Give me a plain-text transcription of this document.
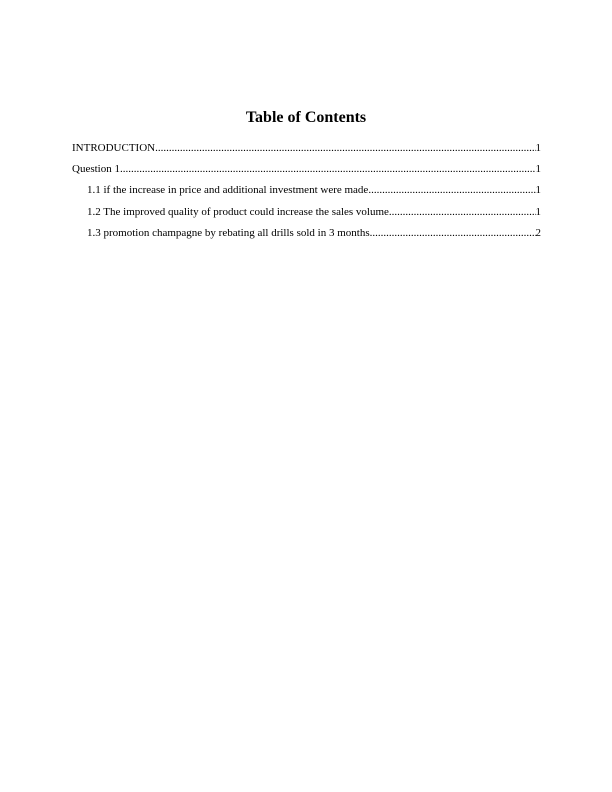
Table of Contents
INTRODUCTION .....	1
Question 1 .....	1
1.1 if the increase in price and additional investment were made .....	1
1.2 The improved quality of product could increase the sales volume .....	1
1.3 promotion champagne by rebating all drills sold in 3 months .....	2
